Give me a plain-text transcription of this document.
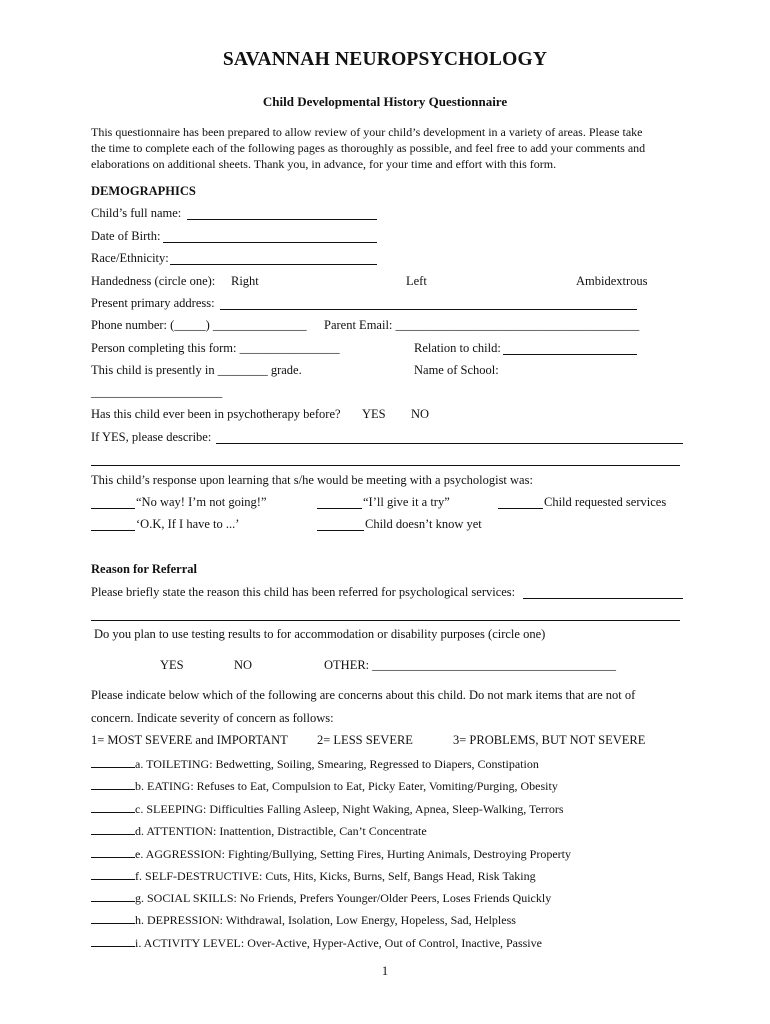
SAVANNAH NEUROPSYCHOLOGY
Child Developmental History Questionnaire
This questionnaire has been prepared to allow review of your child’s development in a variety of areas. Please take
the time to complete each of the following pages as thoroughly as possible, and feel free to add your comments and
elaborations on additional sheets. Thank you, in advance, for your time and effort with this form.
DEMOGRAPHICS
Child’s full name:
Date of Birth:
Race/Ethnicity:
Handedness (circle one): Right	Left	Ambidextrous
Present primary address:
Phone number: (_____) _______________ Parent Email: _______________________________________
Person completing this form: ________________	Relation to child:
This child is presently in ________ grade.	Name of School:
_____________________
Has this child ever been in psychotherapy before? YES NO
If YES, please describe:
This child’s response upon learning that s/he would be meeting with a psychologist was:
“No way! I’m not going!”	“I’ll give it a try”	Child requested services
‘O.K, If I have to ...’	Child doesn’t know yet
Reason for Referral
Please briefly state the reason this child has been referred for psychological services:
Do you plan to use testing results to for accommodation or disability purposes (circle one)
YES	NO	OTHER: _______________________________________
Please indicate below which of the following are concerns about this child. Do not mark items that are not of
concern. Indicate severity of concern as follows:
1= MOST SEVERE and IMPORTANT 2= LESS SEVERE	3= PROBLEMS, BUT NOT SEVERE
a. TOILETING: Bedwetting, Soiling, Smearing, Regressed to Diapers, Constipation
b. EATING: Refuses to Eat, Compulsion to Eat, Picky Eater, Vomiting/Purging, Obesity
c. SLEEPING: Difficulties Falling Asleep, Night Waking, Apnea, Sleep-Walking, Terrors
d. ATTENTION: Inattention, Distractible, Can’t Concentrate
e. AGGRESSION: Fighting/Bullying, Setting Fires, Hurting Animals, Destroying Property
f. SELF-DESTRUCTIVE: Cuts, Hits, Kicks, Burns, Self, Bangs Head, Risk Taking
g. SOCIAL SKILLS: No Friends, Prefers Younger/Older Peers, Loses Friends Quickly
h. DEPRESSION: Withdrawal, Isolation, Low Energy, Hopeless, Sad, Helpless
i. ACTIVITY LEVEL: Over-Active, Hyper-Active, Out of Control, Inactive, Passive
1
